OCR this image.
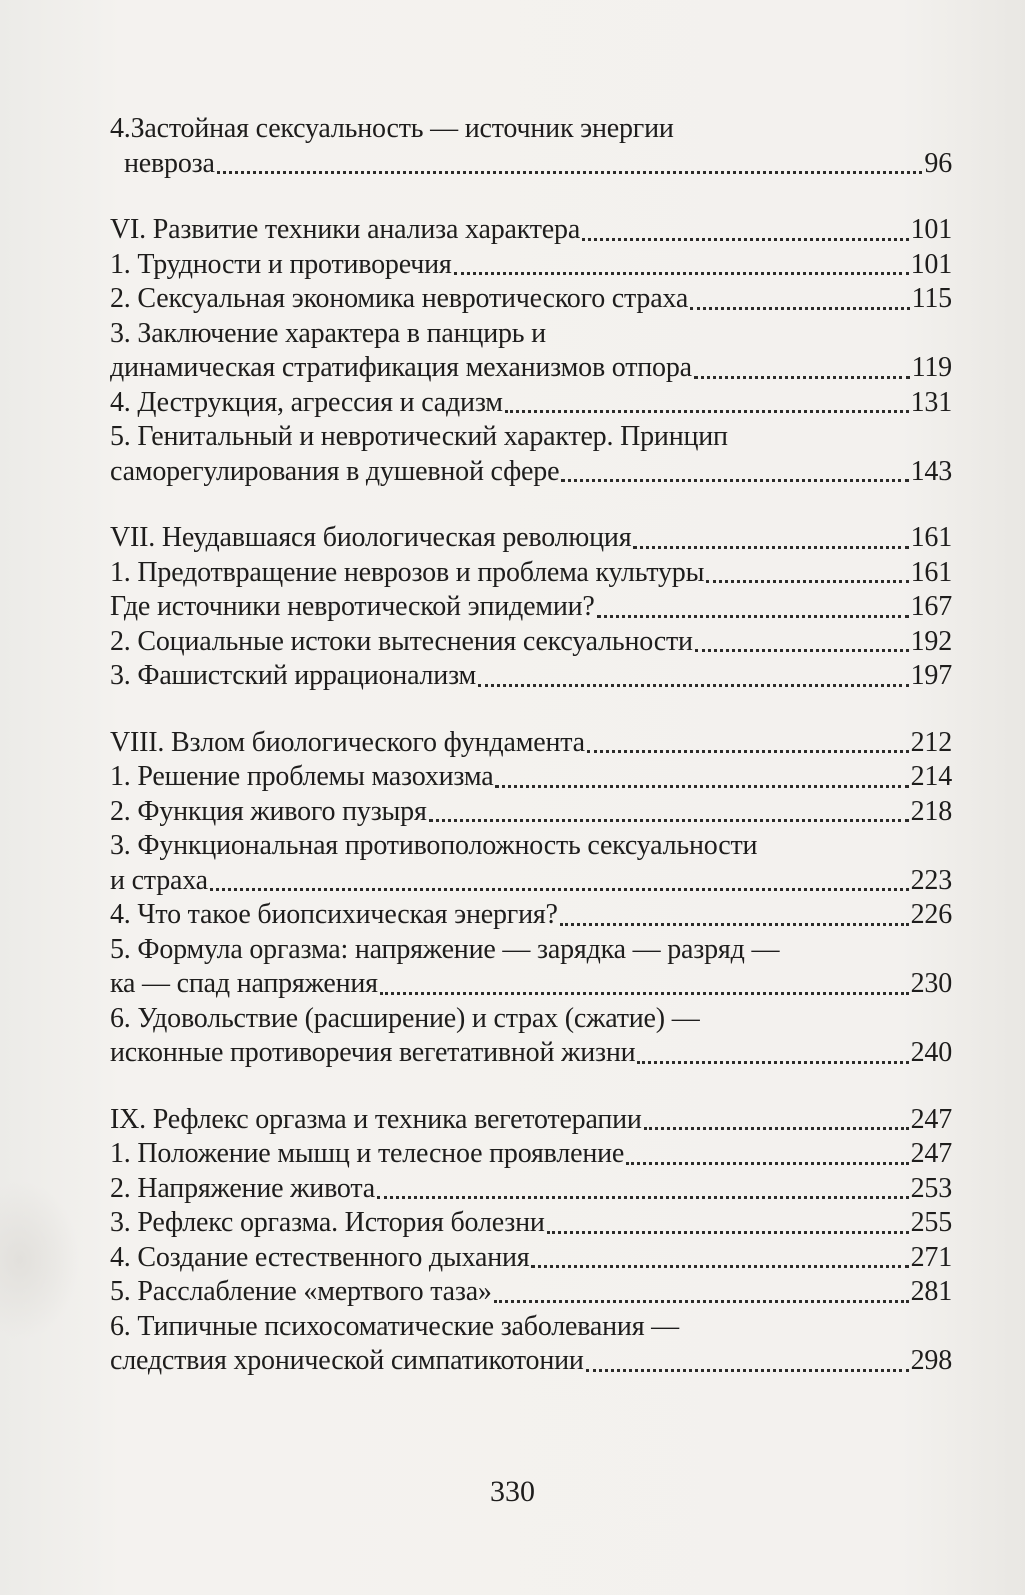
4.Застойная сексуальность — источник энергии
невроза	96
VI. Развитие техники анализа характера	101
1. Трудности и противоречия	101
2. Сексуальная экономика невротического страха	115
3. Заключение характера в панцирь и
динамическая стратификация механизмов отпора	119
4. Деструкция, агрессия и садизм	131
5. Генитальный и невротический характер. Принцип
саморегулирования в душевной сфере	143
VII. Неудавшаяся биологическая революция	161
1. Предотвращение неврозов и проблема культуры	161
Где источники невротической эпидемии?	167
2. Социальные истоки вытеснения сексуальности	192
3. Фашистский иррационализм	197
VIII. Взлом биологического фундамента	212
1. Решение проблемы мазохизма	214
2. Функция живого пузыря	218
3. Функциональная противоположность сексуальности
и страха	223
4. Что такое биопсихическая энергия?	226
5. Формула оргазма: напряжение — зарядка — разряд —
ка — спад напряжения	230
6. Удовольствие (расширение) и страх (сжатие) —
исконные противоречия вегетативной жизни	240
IX. Рефлекс оргазма и техника вегетотерапии	247
1. Положение мышц и телесное проявление	247
2. Напряжение живота	253
3. Рефлекс оргазма. История болезни	255
4. Создание естественного дыхания	271
5. Расслабление «мертвого таза»	281
6. Типичные психосоматические заболевания —
следствия хронической симпатикотонии	298
330
